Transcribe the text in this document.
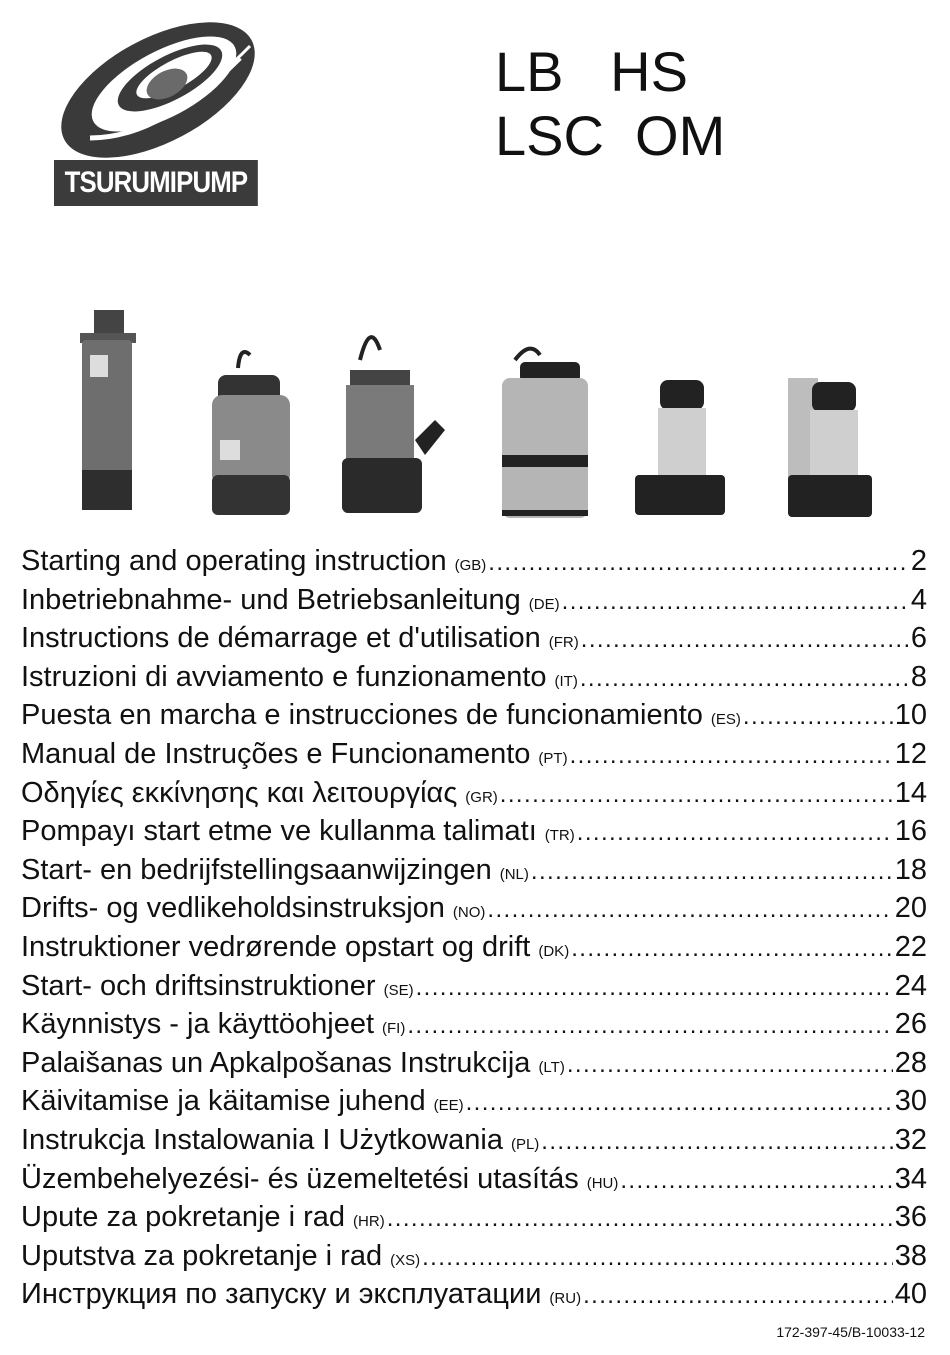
TSURUMIPUMP
LB   HS
LSC  OM
Starting and operating instruction (GB) .....	2
Inbetriebnahme- und Betriebsanleitung (DE) .....	4
Instructions de démarrage et d'utilisation (FR) .....	6
Istruzioni di avviamento e funzionamento (IT) .....	8
Puesta en marcha e instrucciones de funcionamiento (ES) .....	10
Manual de Instruções e Funcionamento (PT) .....	12
Οδηγίες εκκίνησης και λειτουργίας (GR) .....	14
Pompayı start etme ve kullanma talimatı (TR) .....	16
Start- en bedrijfstellingsaanwijzingen (NL) .....	18
Drifts- og vedlikeholdsinstruksjon (NO) .....	20
Instruktioner vedrørende opstart og drift (DK) .....	22
Start- och driftsinstruktioner (SE) .....	24
Käynnistys - ja käyttöohjeet (FI) .....	26
Palaišanas un Apkalpošanas Instrukcija (LT) .....	28
Käivitamise ja käitamise juhend (EE) .....	30
Instrukcja Instalowania I Użytkowania (PL) .....	32
Üzembehelyezési- és üzemeltetési utasítás (HU) .....	34
Upute za pokretanje i rad (HR) .....	36
Uputstva za pokretanje i rad (XS) .....	38
Инструкция по запуску и эксплуатации (RU) .....	40
172-397-45/B-10033-12
